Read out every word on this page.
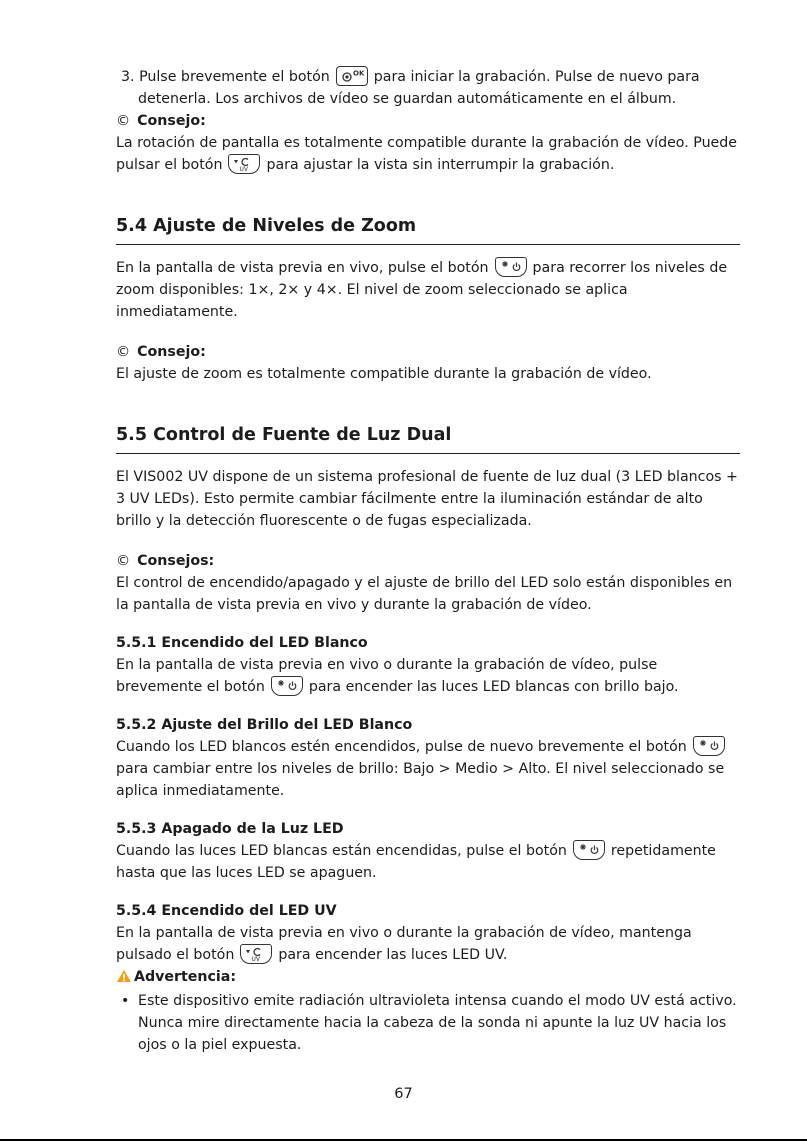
3. Pulse brevemente el botón	OK para iniciar la grabación. Pulse de nuevo para detenerla. Los archivos de vídeo se guardan automáticamente en el álbum.

© Consejo:

La rotación de pantalla es totalmente compatible durante la grabación de vídeo. Puede pulsar el botón	UV para ajustar la vista sin interrumpir la grabación.

5.4 Ajuste de Niveles de Zoom

En la pantalla de vista previa en vivo, pulse el botón	para recorrer los niveles de zoom disponibles: 1×, 2× y 4×. El nivel de zoom seleccionado se aplica inmediatamente.

© Consejo:

El ajuste de zoom es totalmente compatible durante la grabación de vídeo.

5.5 Control de Fuente de Luz Dual

El VIS002 UV dispone de un sistema profesional de fuente de luz dual (3 LED blancos + 3 UV LEDs). Esto permite cambiar fácilmente entre la iluminación estándar de alto brillo y la detección fluorescente o de fugas especializada.

© Consejos:

El control de encendido/apagado y el ajuste de brillo del LED solo están disponibles en la pantalla de vista previa en vivo y durante la grabación de vídeo.

5.5.1 Encendido del LED Blanco

En la pantalla de vista previa en vivo o durante la grabación de vídeo, pulse brevemente el botón	para encender las luces LED blancas con brillo bajo.

5.5.2 Ajuste del Brillo del LED Blanco

Cuando los LED blancos estén encendidos, pulse de nuevo brevemente el botón
para cambiar entre los niveles de brillo: Bajo > Medio > Alto. El nivel seleccionado se aplica inmediatamente.

5.5.3 Apagado de la Luz LED

Cuando las luces LED blancas están encendidas, pulse el botón	repetidamente hasta que las luces LED se apaguen.

5.5.4 Encendido del LED UV

En la pantalla de vista previa en vivo o durante la grabación de vídeo, mantenga pulsado el botón	UV para encender las luces LED UV.

Advertencia:

• Este dispositivo emite radiación ultravioleta intensa cuando el modo UV está activo. Nunca mire directamente hacia la cabeza de la sonda ni apunte la luz UV hacia los ojos o la piel expuesta.

67
